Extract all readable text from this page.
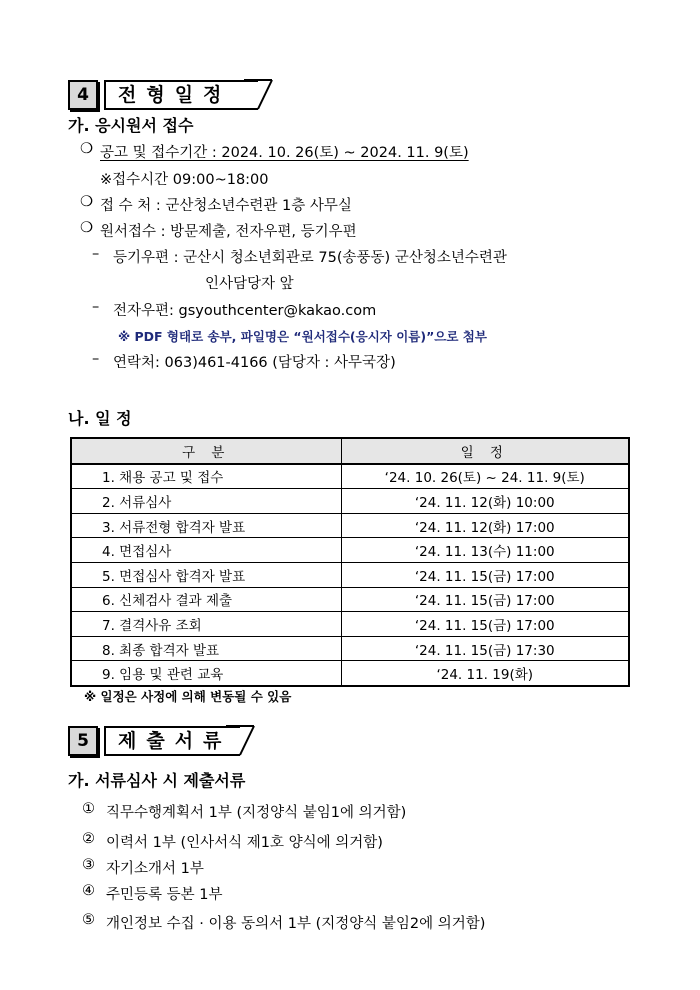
4	전형일정
가. 응시원서 접수
❍ 공고 및 접수기간 : 2024. 10. 26(토) ~ 2024. 11. 9(토)
※접수시간 09:00~18:00
❍ 접 수 처 : 군산청소년수련관 1층 사무실
❍ 원서접수 : 방문제출, 전자우편, 등기우편
– 등기우편 : 군산시 청소년회관로 75(송풍동) 군산청소년수련관
인사담당자 앞
– 전자우편: gsyouthcenter@kakao.com
※ PDF 형태로 송부, 파일명은 “원서접수(응시자 이름)”으로 첨부
– 연락처: 063)461-4166 (담당자 : 사무국장)
나. 일 정
구 분	일 정
1. 채용 공고 및 접수	‘24. 10. 26(토) ~ 24. 11. 9(토)
2. 서류심사	‘24. 11. 12(화) 10:00
3. 서류전형 합격자 발표	‘24. 11. 12(화) 17:00
4. 면접심사	‘24. 11. 13(수) 11:00
5. 면접심사 합격자 발표	‘24. 11. 15(금) 17:00
6. 신체검사 결과 제출	‘24. 11. 15(금) 17:00
7. 결격사유 조회	‘24. 11. 15(금) 17:00
8. 최종 합격자 발표	‘24. 11. 15(금) 17:30
9. 임용 및 관련 교육	‘24. 11. 19(화)
※ 일정은 사정에 의해 변동될 수 있음
5	제출서류
가. 서류심사 시 제출서류
① 직무수행계획서 1부 (지정양식 붙임1에 의거함)
② 이력서 1부 (인사서식 제1호 양식에 의거함)
③ 자기소개서 1부
④ 주민등록 등본 1부
⑤ 개인정보 수집 · 이용 동의서 1부 (지정양식 붙임2에 의거함)
